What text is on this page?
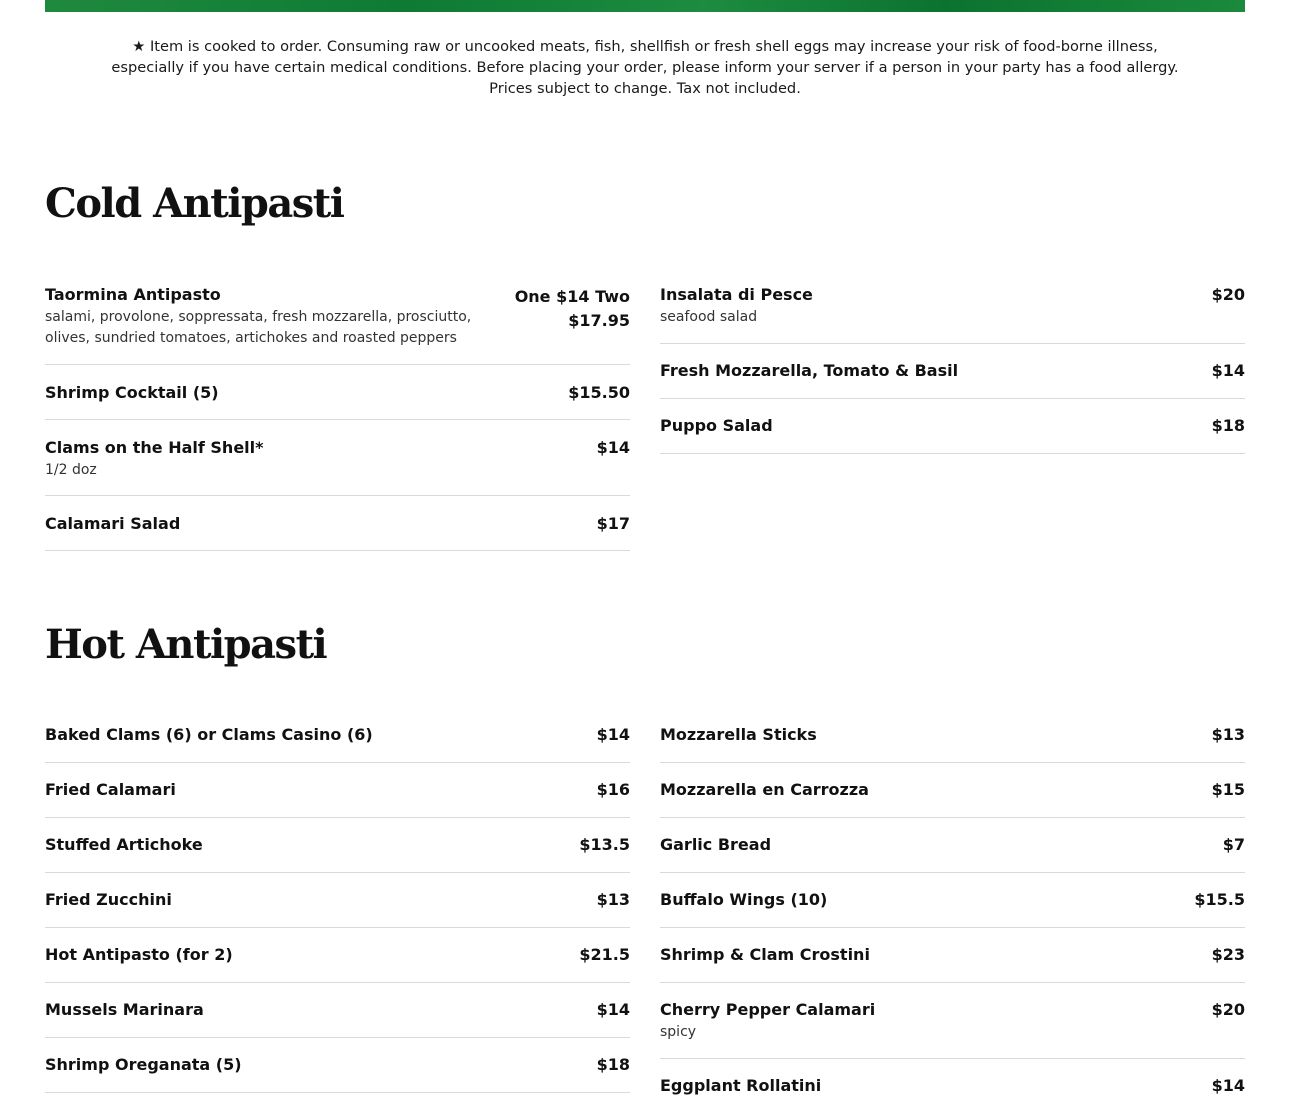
★ Item is cooked to order. Consuming raw or uncooked meats, fish, shellfish or fresh shell eggs may increase your risk of food-borne illness,
especially if you have certain medical conditions. Before placing your order, please inform your server if a person in your party has a food allergy.
Prices subject to change. Tax not included.
Cold Antipasti
Taormina Antipasto	One $14 Two $17.95
salami, provolone, soppressata, fresh mozzarella, prosciutto, olives, sundried tomatoes, artichokes and roasted peppers
Shrimp Cocktail (5)	$15.50
Clams on the Half Shell*	$14
1/2 doz
Calamari Salad	$17
Insalata di Pesce	$20
seafood salad
Fresh Mozzarella, Tomato & Basil	$14
Puppo Salad	$18
Hot Antipasti
Baked Clams (6) or Clams Casino (6)	$14
Fried Calamari	$16
Stuffed Artichoke	$13.5
Fried Zucchini	$13
Hot Antipasto (for 2)	$21.5
Mussels Marinara	$14
Shrimp Oreganata (5)	$18
Mozzarella Sticks	$13
Mozzarella en Carrozza	$15
Garlic Bread	$7
Buffalo Wings (10)	$15.5
Shrimp & Clam Crostini	$23
Cherry Pepper Calamari	$20
spicy
Eggplant Rollatini	$14
